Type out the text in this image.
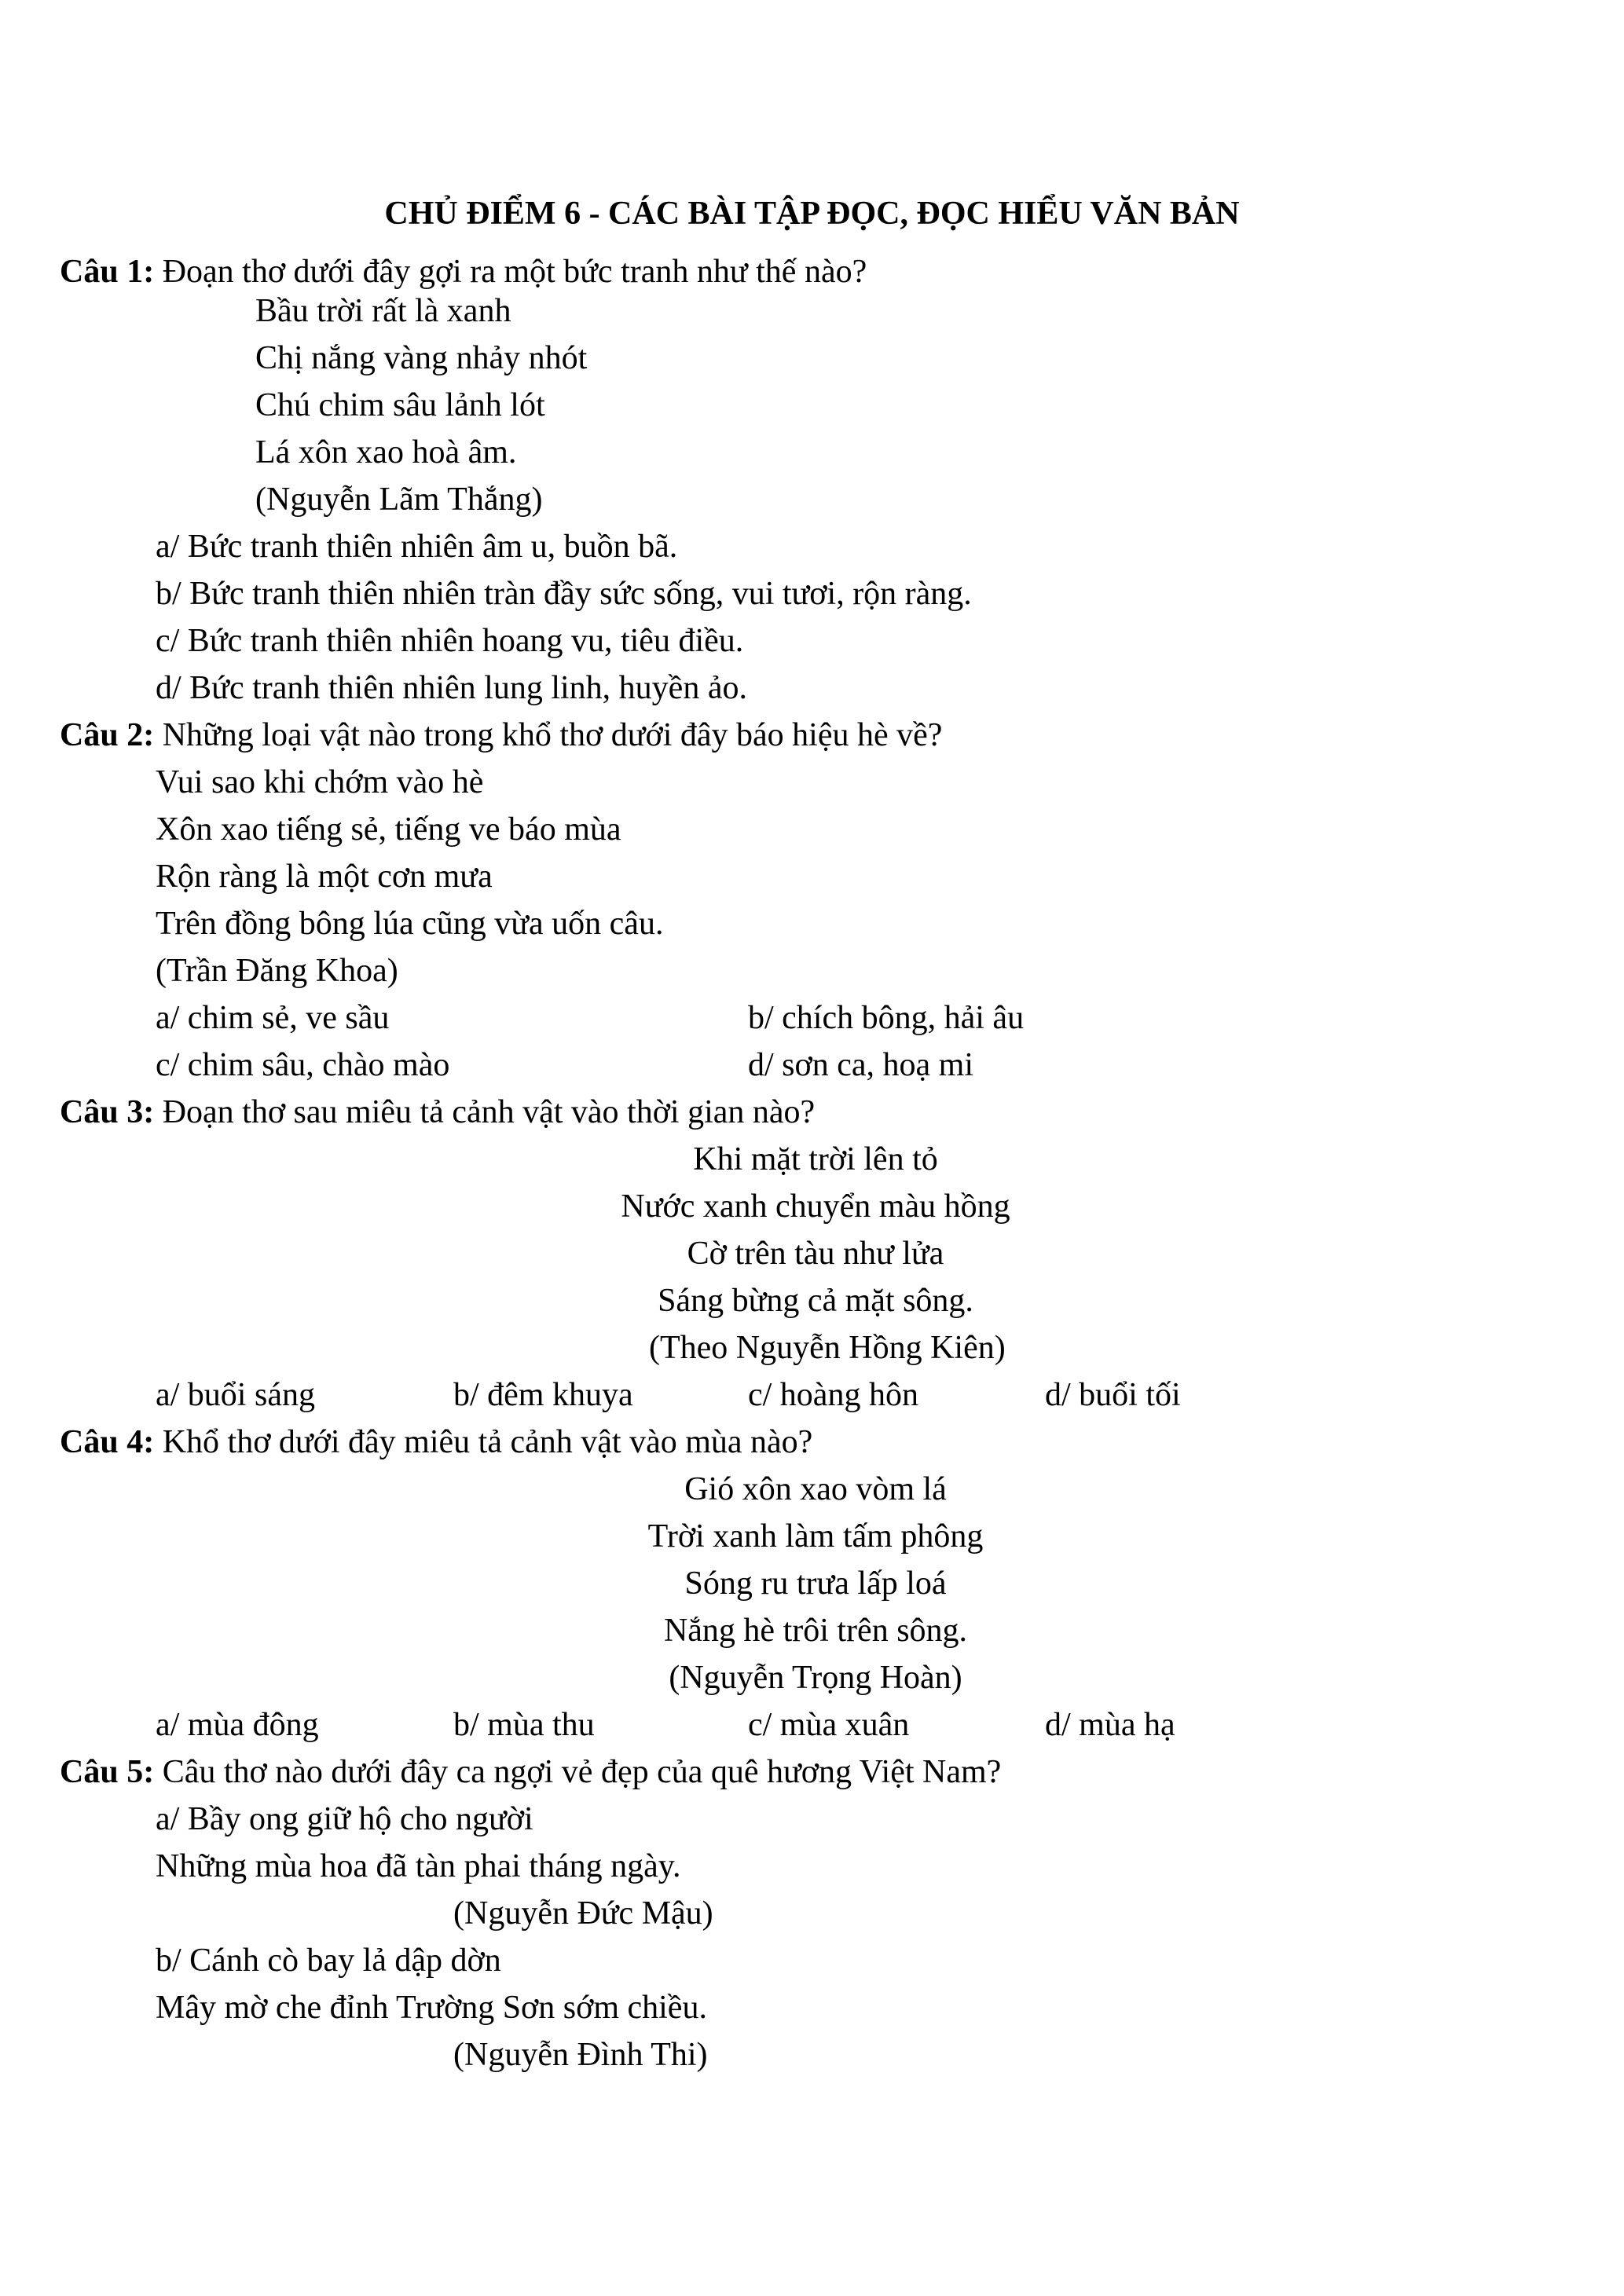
CHỦ ĐIỂM 6 - CÁC BÀI TẬP ĐỌC, ĐỌC HIỂU VĂN BẢN
Câu 1: Đoạn thơ dưới đây gợi ra một bức tranh như thế nào?
Bầu trời rất là xanh
Chị nắng vàng nhảy nhót
Chú chim sâu lảnh lót
Lá xôn xao hoà âm.
(Nguyễn Lãm Thắng)
a/ Bức tranh thiên nhiên âm u, buồn bã.
b/ Bức tranh thiên nhiên tràn đầy sức sống, vui tươi, rộn ràng.
c/ Bức tranh thiên nhiên hoang vu, tiêu điều.
d/ Bức tranh thiên nhiên lung linh, huyền ảo.
Câu 2: Những loại vật nào trong khổ thơ dưới đây báo hiệu hè về?
Vui sao khi chớm vào hè
Xôn xao tiếng sẻ, tiếng ve báo mùa
Rộn ràng là một cơn mưa
Trên đồng bông lúa cũng vừa uốn câu.
(Trần Đăng Khoa)
a/ chim sẻ, ve sầu	b/ chích bông, hải âu
c/ chim sâu, chào mào	d/ sơn ca, hoạ mi
Câu 3: Đoạn thơ sau miêu tả cảnh vật vào thời gian nào?
Khi mặt trời lên tỏ
Nước xanh chuyển màu hồng
Cờ trên tàu như lửa
Sáng bừng cả mặt sông.
(Theo Nguyễn Hồng Kiên)
a/ buổi sáng	b/ đêm khuya	c/ hoàng hôn	d/ buổi tối
Câu 4: Khổ thơ dưới đây miêu tả cảnh vật vào mùa nào?
Gió xôn xao vòm lá
Trời xanh làm tấm phông
Sóng ru trưa lấp loá
Nắng hè trôi trên sông.
(Nguyễn Trọng Hoàn)
a/ mùa đông	b/ mùa thu	c/ mùa xuân	d/ mùa hạ
Câu 5: Câu thơ nào dưới đây ca ngợi vẻ đẹp của quê hương Việt Nam?
a/ Bầy ong giữ hộ cho người
Những mùa hoa đã tàn phai tháng ngày.
(Nguyễn Đức Mậu)
b/ Cánh cò bay lả dập dờn
Mây mờ che đỉnh Trường Sơn sớm chiều.
(Nguyễn Đình Thi)
